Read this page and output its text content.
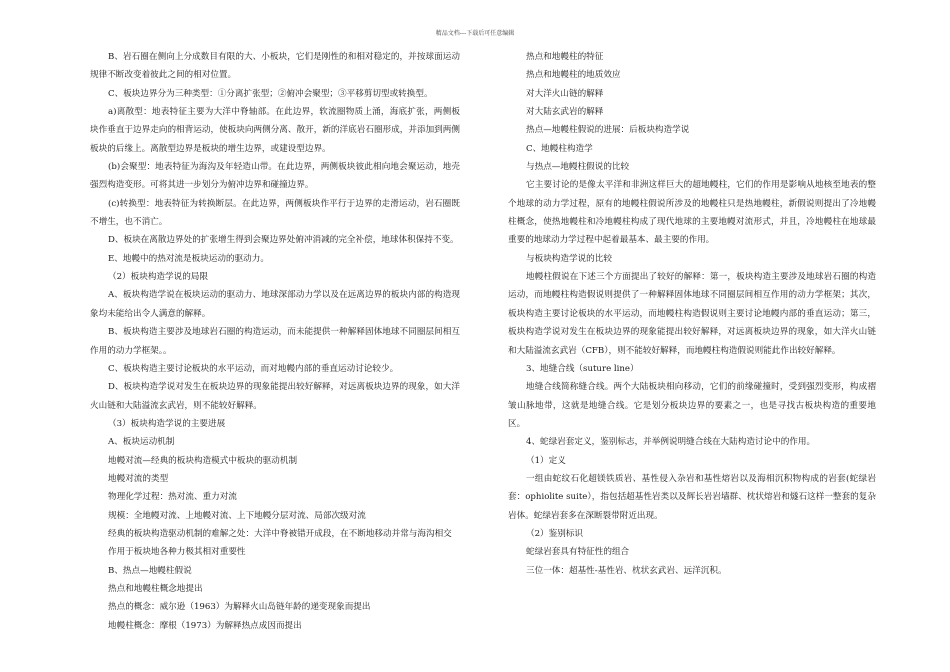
精品文档---下载后可任意编辑

B、岩石圈在侧向上分成数目有限的大、小板块，它们是刚性的和相对稳定的，并按球面运动规律不断改变着彼此之间的相对位置。

C、板块边界分为三种类型：①分离扩张型；②俯冲会聚型；③平移剪切型或转换型。

a)离散型：地表特征主要为大洋中脊轴部。在此边界，软流圈物质上涌，海底扩张，两侧板块作垂直于边界走向的相背运动，使板块向两侧分离、散开，新的洋底岩石圈形成，并添加到两侧板块的后缘上。离散型边界是板块的增生边界，或建设型边界。

(b)会聚型：地表特征为海沟及年轻造山带。在此边界，两侧板块彼此相向地会聚运动，地壳强烈构造变形。可将其进一步划分为俯冲边界和碰撞边界。

(c)转换型：地表特征为转换断层。在此边界，两侧板块作平行于边界的走滑运动，岩石圈既不增生，也不消亡。

D、板块在离散边界处的扩张增生得到会聚边界处俯冲消减的完全补偿，地球体积保持不变。

E、地幔中的热对流是板块运动的驱动力。

（2）板块构造学说的局限

A、板块构造学说在板块运动的驱动力、地球深部动力学以及在远离边界的板块内部的构造现象均未能给出令人满意的解释。

B、板块构造主要涉及地球岩石圈的构造运动，而未能提供一种解释固体地球不同圈层间相互作用的动力学框架。。

C、板块构造主要讨论板块的水平运动，而对地幔内部的垂直运动讨论较少。

D、板块构造学说对发生在板块边界的现象能提出较好解释，对远离板块边界的现象，如大洋火山链和大陆溢流玄武岩，则不能较好解释。

（3）板块构造学说的主要进展

A、板块运动机制

地幔对流—经典的板块构造模式中板块的驱动机制

地幔对流的类型

物理化学过程：热对流、重力对流

规模：全地幔对流、上地幔对流、上下地幔分层对流、局部次级对流

经典的板块构造驱动机制的难解之处：大洋中脊被错开成段，在不断地移动并常与海沟相交

作用于板块地各种力极其相对重要性

B、热点—地幔柱假说

热点和地幔柱概念地提出

热点的概念：威尔逊（1963）为解释火山岛链年龄的递变现象而提出

地幔柱概念：摩根（1973）为解释热点成因而提出

热点和地幔柱的特征

热点和地幔柱的地质效应

对大洋火山链的解释

对大陆玄武岩的解释

热点—地幔柱假说的进展：后板块构造学说

C、地幔柱构造学

与热点—地幔柱假说的比较

它主要讨论的是像太平洋和非洲这样巨大的超地幔柱，它们的作用是影响从地核至地表的整个地球的动力学过程，原有的地幔柱假说所涉及的地幔柱只是热地幔柱，新假说则提出了冷地幔柱概念，使热地幔柱和冷地幔柱构成了现代地球的主要地幔对流形式，并且，冷地幔柱在地球最重要的地球动力学过程中起着最基本、最主要的作用。

与板块构造学说的比较

地幔柱假说在下述三个方面提出了较好的解释：第一，板块构造主要涉及地球岩石圈的构造运动，而地幔柱构造假说则提供了一种解释固体地球不同圈层间相互作用的动力学框架；其次，板块构造主要讨论板块的水平运动，而地幔柱构造假说则主要讨论地幔内部的垂直运动；第三，板块构造学说对发生在板块边界的现象能提出较好解释，对远离板块边界的现象，如大洋火山链和大陆溢流玄武岩（CFB），则不能较好解释，而地幔柱构造假说则能此作出较好解释。

3、地缝合线（suture line）

地缝合线简称缝合线。两个大陆板块相向移动，它们的前缘碰撞时，受到强烈变形，构成褶皱山脉地带，这就是地缝合线。它是划分板块边界的要素之一，也是寻找古板块构造的重要地区。

4、蛇绿岩套定义，鉴别标志，并举例说明缝合线在大陆构造讨论中的作用。

（1）定义

一组由蛇纹石化超镁铁质岩、基性侵入杂岩和基性熔岩以及海相沉积物构成的岩套(蛇绿岩套：ophiolite suite），指包括超基性岩类以及辉长岩岩墙群、枕状熔岩和燧石这样一整套的复杂岩体。蛇绿岩套多在深断裂带附近出现。

（2）鉴别标识

蛇绿岩套具有特征性的组合

三位一体：超基性-基性岩、枕状玄武岩、远洋沉积。
